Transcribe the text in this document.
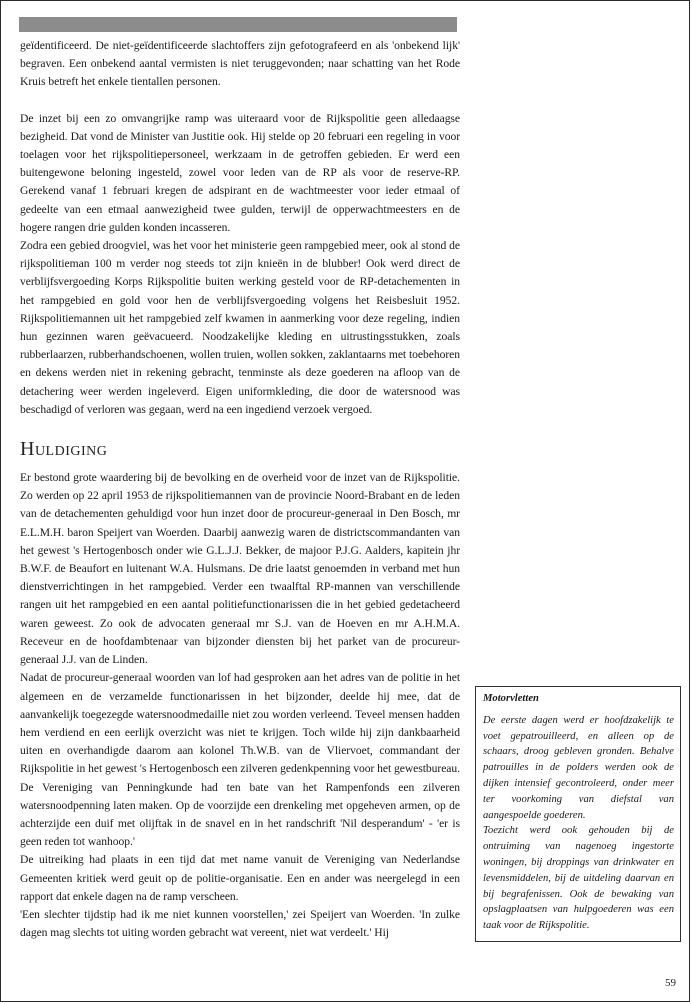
geïdentificeerd. De niet-geïdentificeerde slachtoffers zijn gefotografeerd en als 'onbekend lijk' begraven. Een onbekend aantal vermisten is niet teruggevonden; naar schatting van het Rode Kruis betreft het enkele tientallen personen.

De inzet bij een zo omvangrijke ramp was uiteraard voor de Rijkspolitie geen alledaagse bezigheid. Dat vond de Minister van Justitie ook. Hij stelde op 20 februari een regeling in voor toelagen voor het rijkspolitiepersoneel, werkzaam in de getroffen gebieden. Er werd een buitengewone beloning ingesteld, zowel voor leden van de RP als voor de reserve-RP. Gerekend vanaf 1 februari kregen de adspirant en de wachtmeester voor ieder etmaal of gedeelte van een etmaal aanwezigheid twee gulden, terwijl de opperwachtmeesters en de hogere rangen drie gulden konden incasseren.

Zodra een gebied droogviel, was het voor het ministerie geen rampgebied meer, ook al stond de rijkspolitieman 100 m verder nog steeds tot zijn knieën in de blubber! Ook werd direct de verblijfsvergoeding Korps Rijkspolitie buiten werking gesteld voor de RP-detachementen in het rampgebied en gold voor hen de verblijfsvergoeding volgens het Reisbesluit 1952. Rijkspolitiemannen uit het rampgebied zelf kwamen in aanmerking voor deze regeling, indien hun gezinnen waren geëvacueerd. Noodzakelijke kleding en uitrustingsstukken, zoals rubberlaarzen, rubberhandschoenen, wollen truien, wollen sokken, zaklantaarns met toebehoren en dekens werden niet in rekening gebracht, tenminste als deze goederen na afloop van de detachering weer werden ingeleverd. Eigen uniformkleding, die door de watersnood was beschadigd of verloren was gegaan, werd na een ingediend verzoek vergoed.

Huldiging

Er bestond grote waardering bij de bevolking en de overheid voor de inzet van de Rijkspolitie. Zo werden op 22 april 1953 de rijkspolitiemannen van de provincie Noord-Brabant en de leden van de detachementen gehuldigd voor hun inzet door de procureur-generaal in Den Bosch, mr E.L.M.H. baron Speijert van Woerden. Daarbij aanwezig waren de districtscommandanten van het gewest 's Hertogenbosch onder wie G.L.J.J. Bekker, de majoor P.J.G. Aalders, kapitein jhr B.W.F. de Beaufort en luitenant W.A. Hulsmans. De drie laatst genoemden in verband met hun dienstverrichtingen in het rampgebied. Verder een twaalftal RP-mannen van verschillende rangen uit het rampgebied en een aantal politiefunctionarissen die in het gebied gedetacheerd waren geweest. Zo ook de advocaten generaal mr S.J. van de Hoeven en mr A.H.M.A. Receveur en de hoofdambtenaar van bijzonder diensten bij het parket van de procureur-generaal J.J. van de Linden.

Nadat de procureur-generaal woorden van lof had gesproken aan het adres van de politie in het algemeen en de verzamelde functionarissen in het bijzonder, deelde hij mee, dat de aanvankelijk toegezegde watersnoodmedaille niet zou worden verleend. Teveel mensen hadden hem verdiend en een eerlijk overzicht was niet te krijgen. Toch wilde hij zijn dankbaarheid uiten en overhandigde daarom aan kolonel Th.W.B. van de Vliervoet, commandant der Rijkspolitie in het gewest 's Hertogenbosch een zilveren gedenkpenning voor het gewestbureau. De Vereniging van Penningkunde had ten bate van het Rampenfonds een zilveren watersnoodpenning laten maken. Op de voorzijde een drenkeling met opgeheven armen, op de achterzijde een duif met olijftak in de snavel en in het randschrift 'Nil desperandum' - 'er is geen reden tot wanhoop.'

De uitreiking had plaats in een tijd dat met name vanuit de Vereniging van Nederlandse Gemeenten kritiek werd geuit op de politie-organisatie. Een en ander was neergelegd in een rapport dat enkele dagen na de ramp verscheen.

'Een slechter tijdstip had ik me niet kunnen voorstellen,' zei Speijert van Woerden. 'In zulke dagen mag slechts tot uiting worden gebracht wat vereent, niet wat verdeelt.' Hij

Motorvletten

De eerste dagen werd er hoofdzakelijk te voet gepatrouilleerd, en alleen op de schaars, droog gebleven gronden. Behalve patrouilles in de polders werden ook de dijken intensief gecontroleerd, onder meer ter voorkoming van diefstal van aangespoelde goederen.

Toezicht werd ook gehouden bij de ontruiming van nagenoeg ingestorte woningen, bij droppings van drinkwater en levensmiddelen, bij de uitdeling daarvan en bij begrafenissen. Ook de bewaking van opslagplaatsen van hulpgoederen was een taak voor de Rijkspolitie.

59
